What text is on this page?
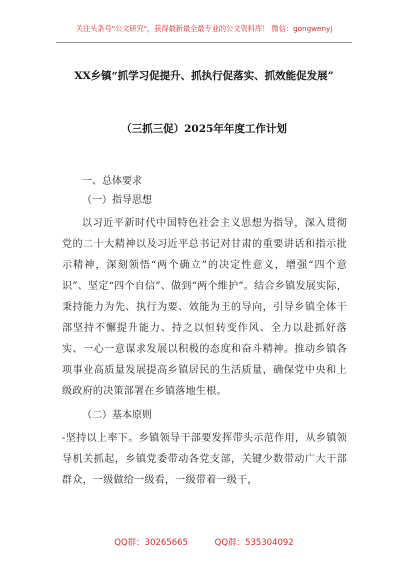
关注头条号"公文研究"，获得最新最全最专业的公文资料库！ 微信：gongwenyj
XX乡镇“抓学习促提升、抓执行促落实、抓效能促发展”
（三抓三促）2025年年度工作计划
一、总体要求
（一）指导思想
以习近平新时代中国特色社会主义思想为指导，深入贯彻党的二十大精神以及习近平总书记对甘肃的重要讲话和指示批示精神，深刻领悟“两个确立”的决定性意义，增强“四个意识”、坚定“四个自信”、做到“两个维护”。结合乡镇发展实际，秉持能力为先、执行为要、效能为王的导向，引导乡镇全体干部坚持不懈提升能力、持之以恒转变作风、全力以赴抓好落实、一心一意谋求发展以积极的态度和奋斗精神。推动乡镇各项事业高质量发展提高乡镇居民的生活质量，确保党中央和上级政府的决策部署在乡镇落地生根。
（二）基本原则
-坚持以上率下。乡镇领导干部要发挥带头示范作用，从乡镇领导机关抓起，乡镇党委带动各党支部，关键少数带动广大干部群众，一级做给一级看，一级带着一级干，
QQ群：30265665	QQ群：535304092
